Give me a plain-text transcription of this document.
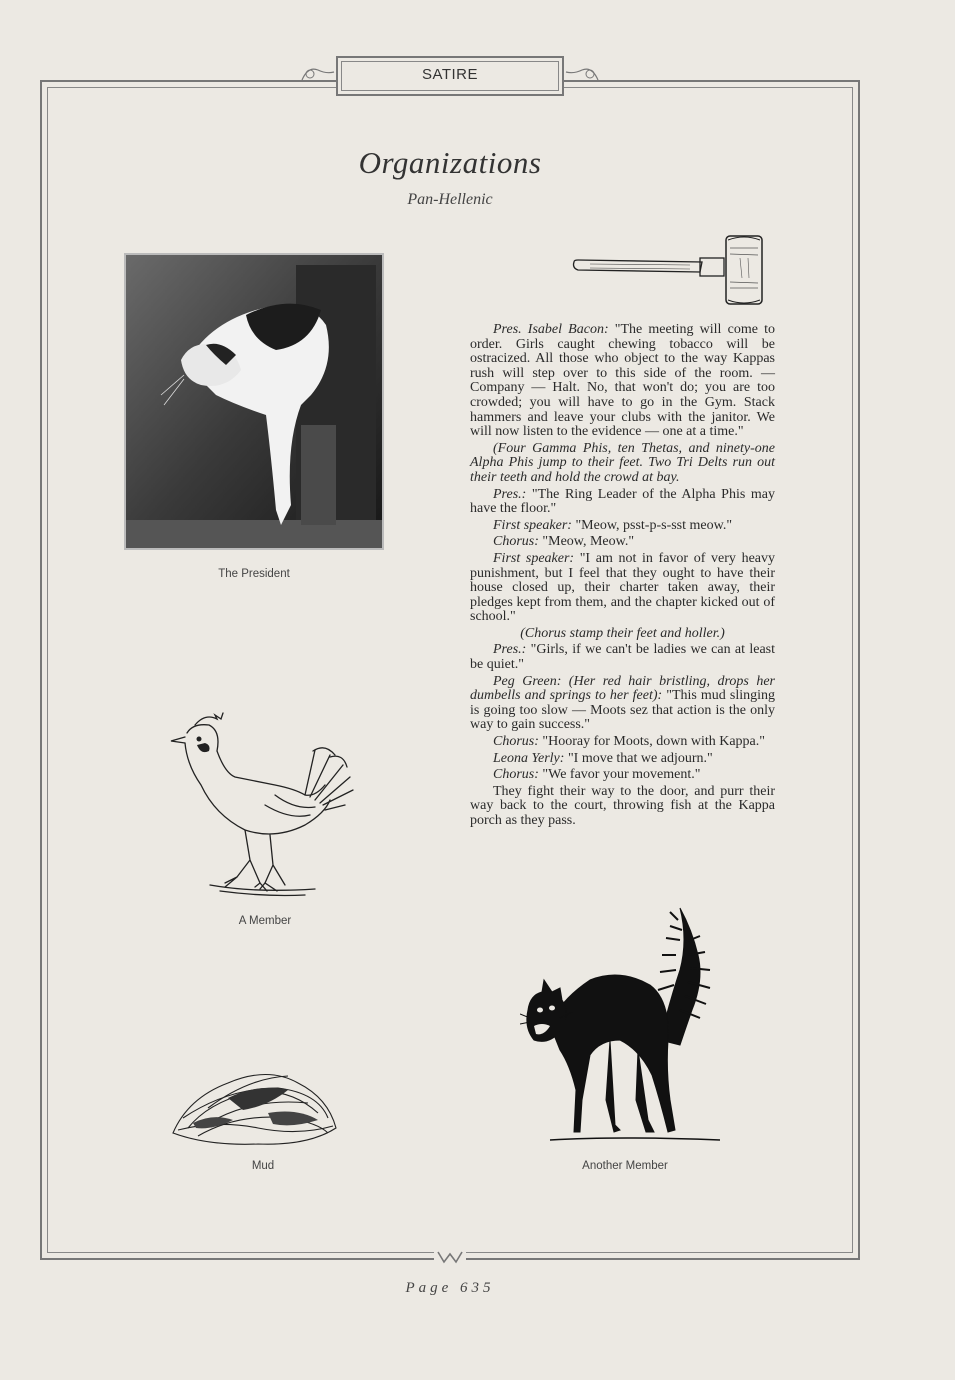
SATIRE
Organizations
Pan-Hellenic
The President

Pres. Isabel Bacon: "The meeting will come to order. Girls caught chewing tobacco will be ostracized. All those who object to the way Kappas rush will step over to this side of the room. — Company — Halt. No, that won't do; you are too crowded; you will have to go in the Gym. Stack hammers and leave your clubs with the janitor. We will now listen to the evidence — one at a time."

(Four Gamma Phis, ten Thetas, and ninety-one Alpha Phis jump to their feet. Two Tri Delts run out their teeth and hold the crowd at bay.

Pres.: "The Ring Leader of the Alpha Phis may have the floor."

First speaker: "Meow, psst-p-s-sst meow."

Chorus: "Meow, Meow."

First speaker: "I am not in favor of very heavy punishment, but I feel that they ought to have their house closed up, their charter taken away, their pledges kept from them, and the chapter kicked out of school."

(Chorus stamp their feet and holler.)

Pres.: "Girls, if we can't be ladies we can at least be quiet."

Peg Green: (Her red hair bristling, drops her dumbells and springs to her feet): "This mud slinging is going too slow — Moots sez that action is the only way to gain success."

Chorus: "Hooray for Moots, down with Kappa."

Leona Yerly: "I move that we adjourn."

Chorus: "We favor your movement."

They fight their way to the door, and purr their way back to the court, throwing fish at the Kappa porch as they pass.

A Member
Mud	Another Member
Page 635
